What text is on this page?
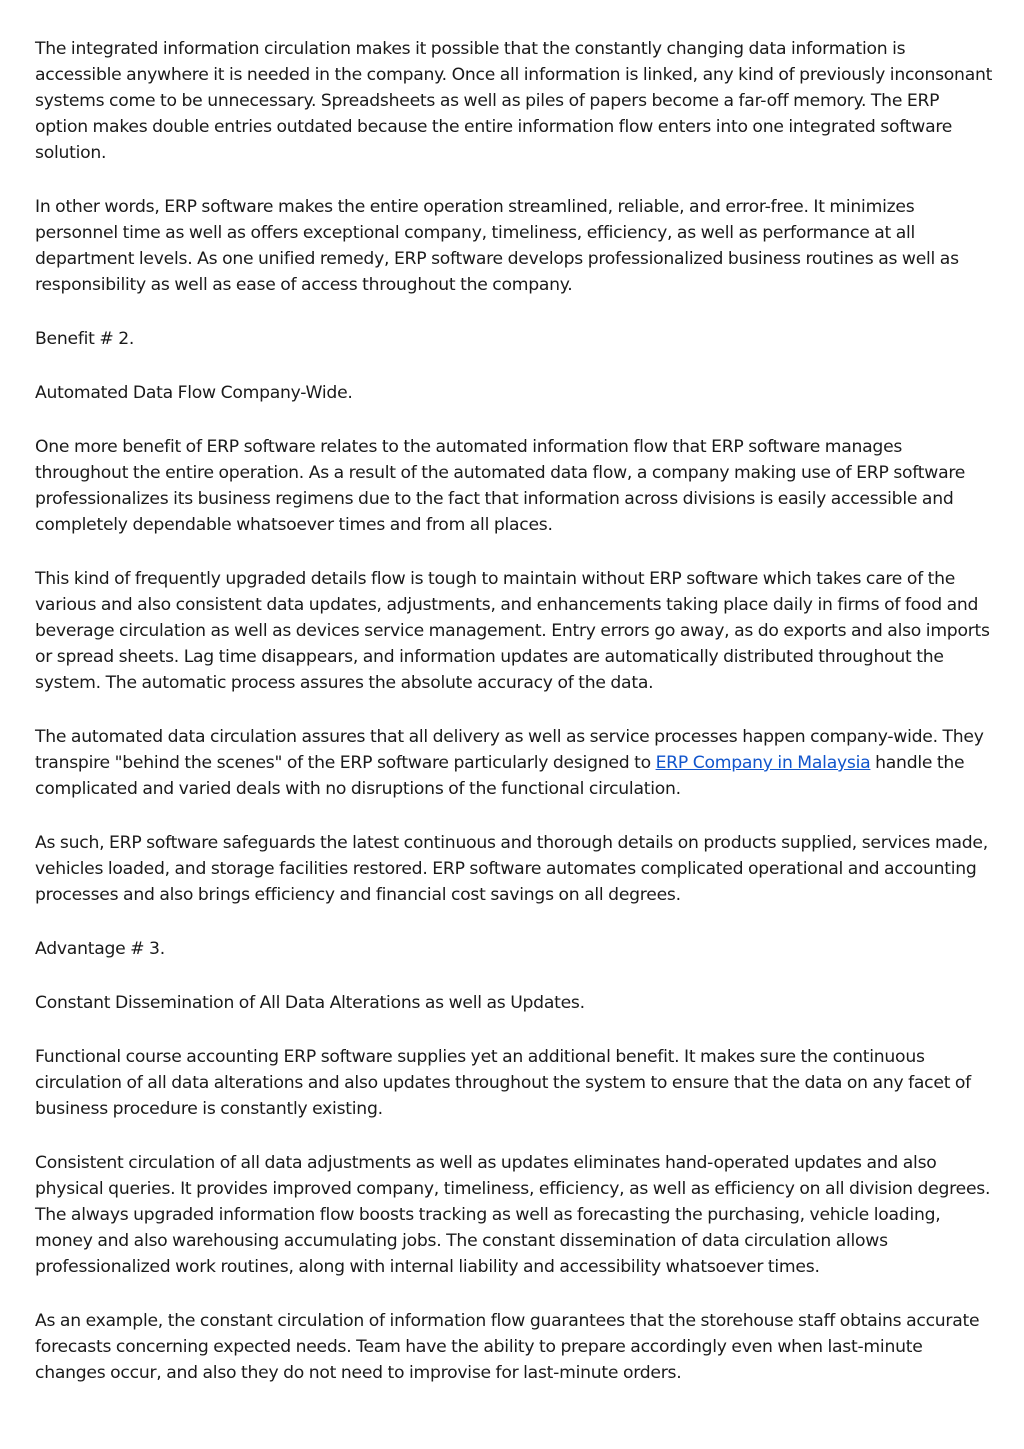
The integrated information circulation makes it possible that the constantly changing data information is accessible anywhere it is needed in the company. Once all information is linked, any kind of previously inconsonant systems come to be unnecessary. Spreadsheets as well as piles of papers become a far-off memory. The ERP option makes double entries outdated because the entire information flow enters into one integrated software solution.

In other words, ERP software makes the entire operation streamlined, reliable, and error-free. It minimizes personnel time as well as offers exceptional company, timeliness, efficiency, as well as performance at all department levels. As one unified remedy, ERP software develops professionalized business routines as well as responsibility as well as ease of access throughout the company.

Benefit # 2.

Automated Data Flow Company-Wide.

One more benefit of ERP software relates to the automated information flow that ERP software manages throughout the entire operation. As a result of the automated data flow, a company making use of ERP software professionalizes its business regimens due to the fact that information across divisions is easily accessible and completely dependable whatsoever times and from all places.

This kind of frequently upgraded details flow is tough to maintain without ERP software which takes care of the various and also consistent data updates, adjustments, and enhancements taking place daily in firms of food and beverage circulation as well as devices service management. Entry errors go away, as do exports and also imports or spread sheets. Lag time disappears, and information updates are automatically distributed throughout the system. The automatic process assures the absolute accuracy of the data.

The automated data circulation assures that all delivery as well as service processes happen company-wide. They transpire "behind the scenes" of the ERP software particularly designed to ERP Company in Malaysia handle the complicated and varied deals with no disruptions of the functional circulation.

As such, ERP software safeguards the latest continuous and thorough details on products supplied, services made, vehicles loaded, and storage facilities restored. ERP software automates complicated operational and accounting processes and also brings efficiency and financial cost savings on all degrees.

Advantage # 3.

Constant Dissemination of All Data Alterations as well as Updates.

Functional course accounting ERP software supplies yet an additional benefit. It makes sure the continuous circulation of all data alterations and also updates throughout the system to ensure that the data on any facet of business procedure is constantly existing.

Consistent circulation of all data adjustments as well as updates eliminates hand-operated updates and also physical queries. It provides improved company, timeliness, efficiency, as well as efficiency on all division degrees. The always upgraded information flow boosts tracking as well as forecasting the purchasing, vehicle loading, money and also warehousing accumulating jobs. The constant dissemination of data circulation allows professionalized work routines, along with internal liability and accessibility whatsoever times.

As an example, the constant circulation of information flow guarantees that the storehouse staff obtains accurate forecasts concerning expected needs. Team have the ability to prepare accordingly even when last-minute changes occur, and also they do not need to improvise for last-minute orders.
